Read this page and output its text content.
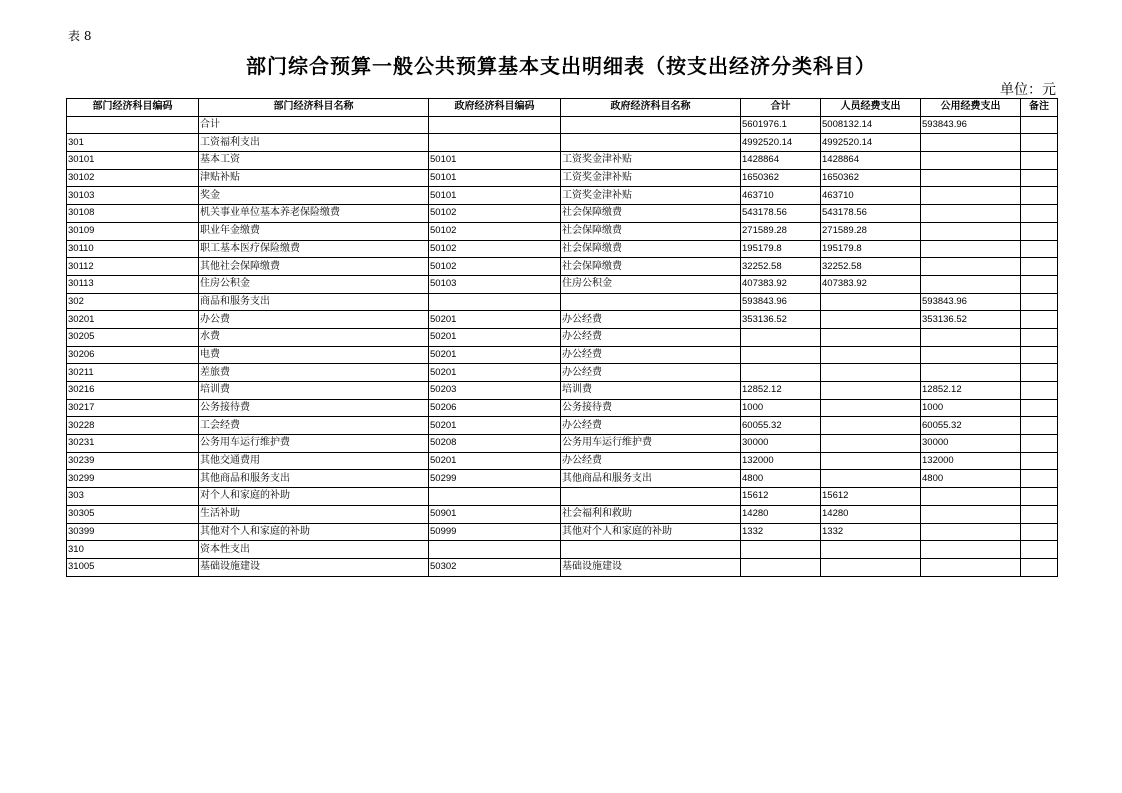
表 8
部门综合预算一般公共预算基本支出明细表（按支出经济分类科目）
单位：元
部门经济科目编码	部门经济科目名称	政府经济科目编码	政府经济科目名称	合计	人员经费支出	公用经费支出	备注
	合计			5601976.1	5008132.14	593843.96	
301	工资福利支出			4992520.14	4992520.14		
30101	基本工资	50101	工资奖金津补贴	1428864	1428864		
30102	津贴补贴	50101	工资奖金津补贴	1650362	1650362		
30103	奖金	50101	工资奖金津补贴	463710	463710		
30108	机关事业单位基本养老保险缴费	50102	社会保障缴费	543178.56	543178.56		
30109	职业年金缴费	50102	社会保障缴费	271589.28	271589.28		
30110	职工基本医疗保险缴费	50102	社会保障缴费	195179.8	195179.8		
30112	其他社会保障缴费	50102	社会保障缴费	32252.58	32252.58		
30113	住房公积金	50103	住房公积金	407383.92	407383.92		
302	商品和服务支出			593843.96		593843.96	
30201	办公费	50201	办公经费	353136.52		353136.52	
30205	水费	50201	办公经费				
30206	电费	50201	办公经费				
30211	差旅费	50201	办公经费				
30216	培训费	50203	培训费	12852.12		12852.12	
30217	公务接待费	50206	公务接待费	1000		1000	
30228	工会经费	50201	办公经费	60055.32		60055.32	
30231	公务用车运行维护费	50208	公务用车运行维护费	30000		30000	
30239	其他交通费用	50201	办公经费	132000		132000	
30299	其他商品和服务支出	50299	其他商品和服务支出	4800		4800	
303	对个人和家庭的补助			15612	15612		
30305	生活补助	50901	社会福利和救助	14280	14280		
30399	其他对个人和家庭的补助	50999	其他对个人和家庭的补助	1332	1332		
310	资本性支出						
31005	基础设施建设	50302	基础设施建设				
